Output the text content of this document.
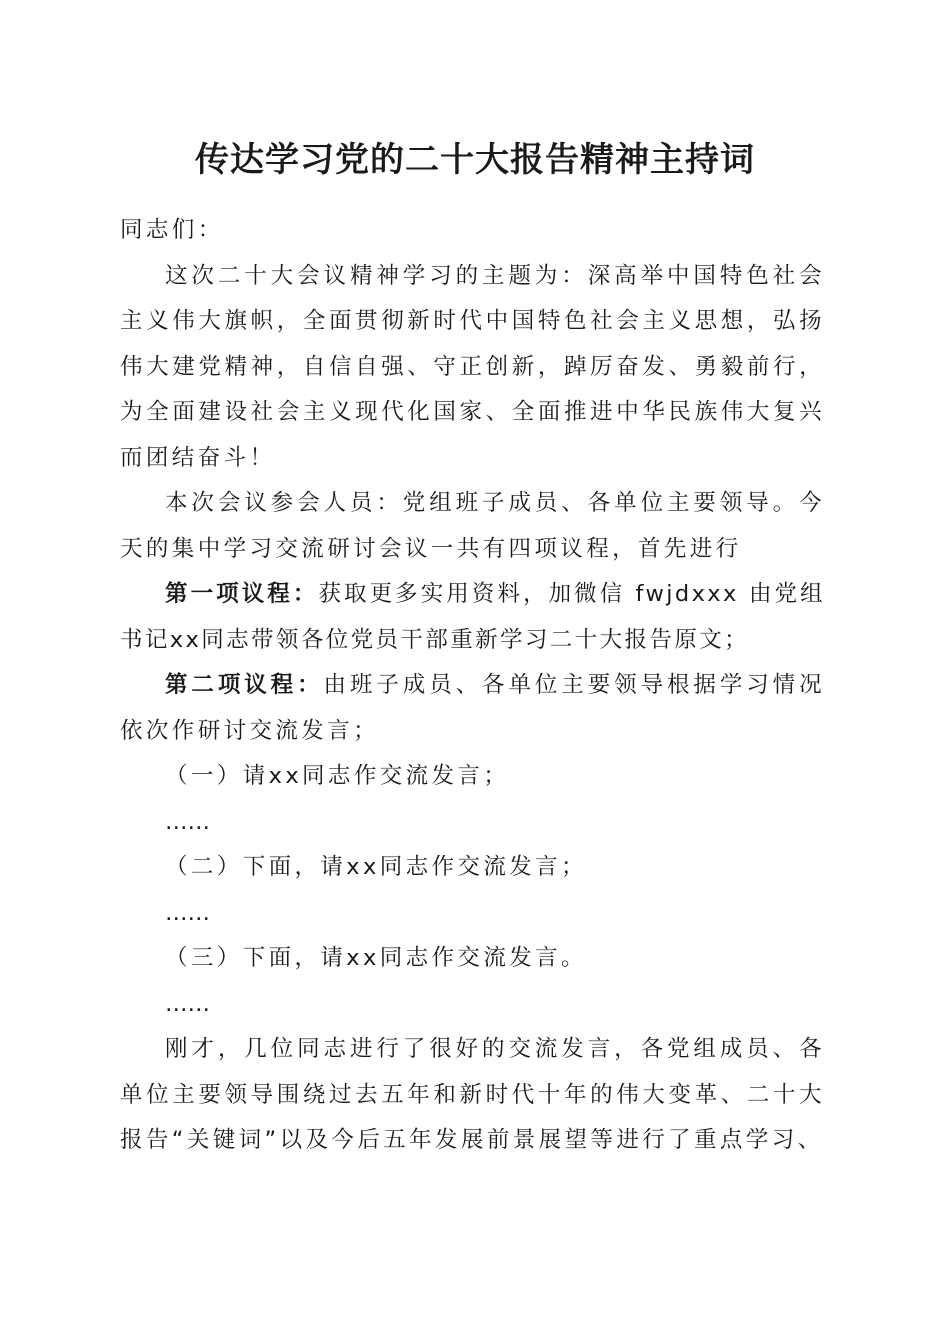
传达学习党的二十大报告精神主持词

同志们：

这次二十大会议精神学习的主题为：深高举中国特色社会主义伟大旗帜，全面贯彻新时代中国特色社会主义思想，弘扬伟大建党精神，自信自强、守正创新，踔厉奋发、勇毅前行，为全面建设社会主义现代化国家、全面推进中华民族伟大复兴而团结奋斗！

本次会议参会人员：党组班子成员、各单位主要领导。今天的集中学习交流研讨会议一共有四项议程，首先进行

第一项议程：获取更多实用资料，加微信 fwjdxxx 由党组书记xx同志带领各位党员干部重新学习二十大报告原文；

第二项议程：由班子成员、各单位主要领导根据学习情况依次作研讨交流发言；

（一）请xx同志作交流发言；

……

（二）下面，请xx同志作交流发言；

……

（三）下面，请xx同志作交流发言。

……

刚才，几位同志进行了很好的交流发言，各党组成员、各单位主要领导围绕过去五年和新时代十年的伟大变革、二十大报告“关键词”以及今后五年发展前景展望等进行了重点学习、
